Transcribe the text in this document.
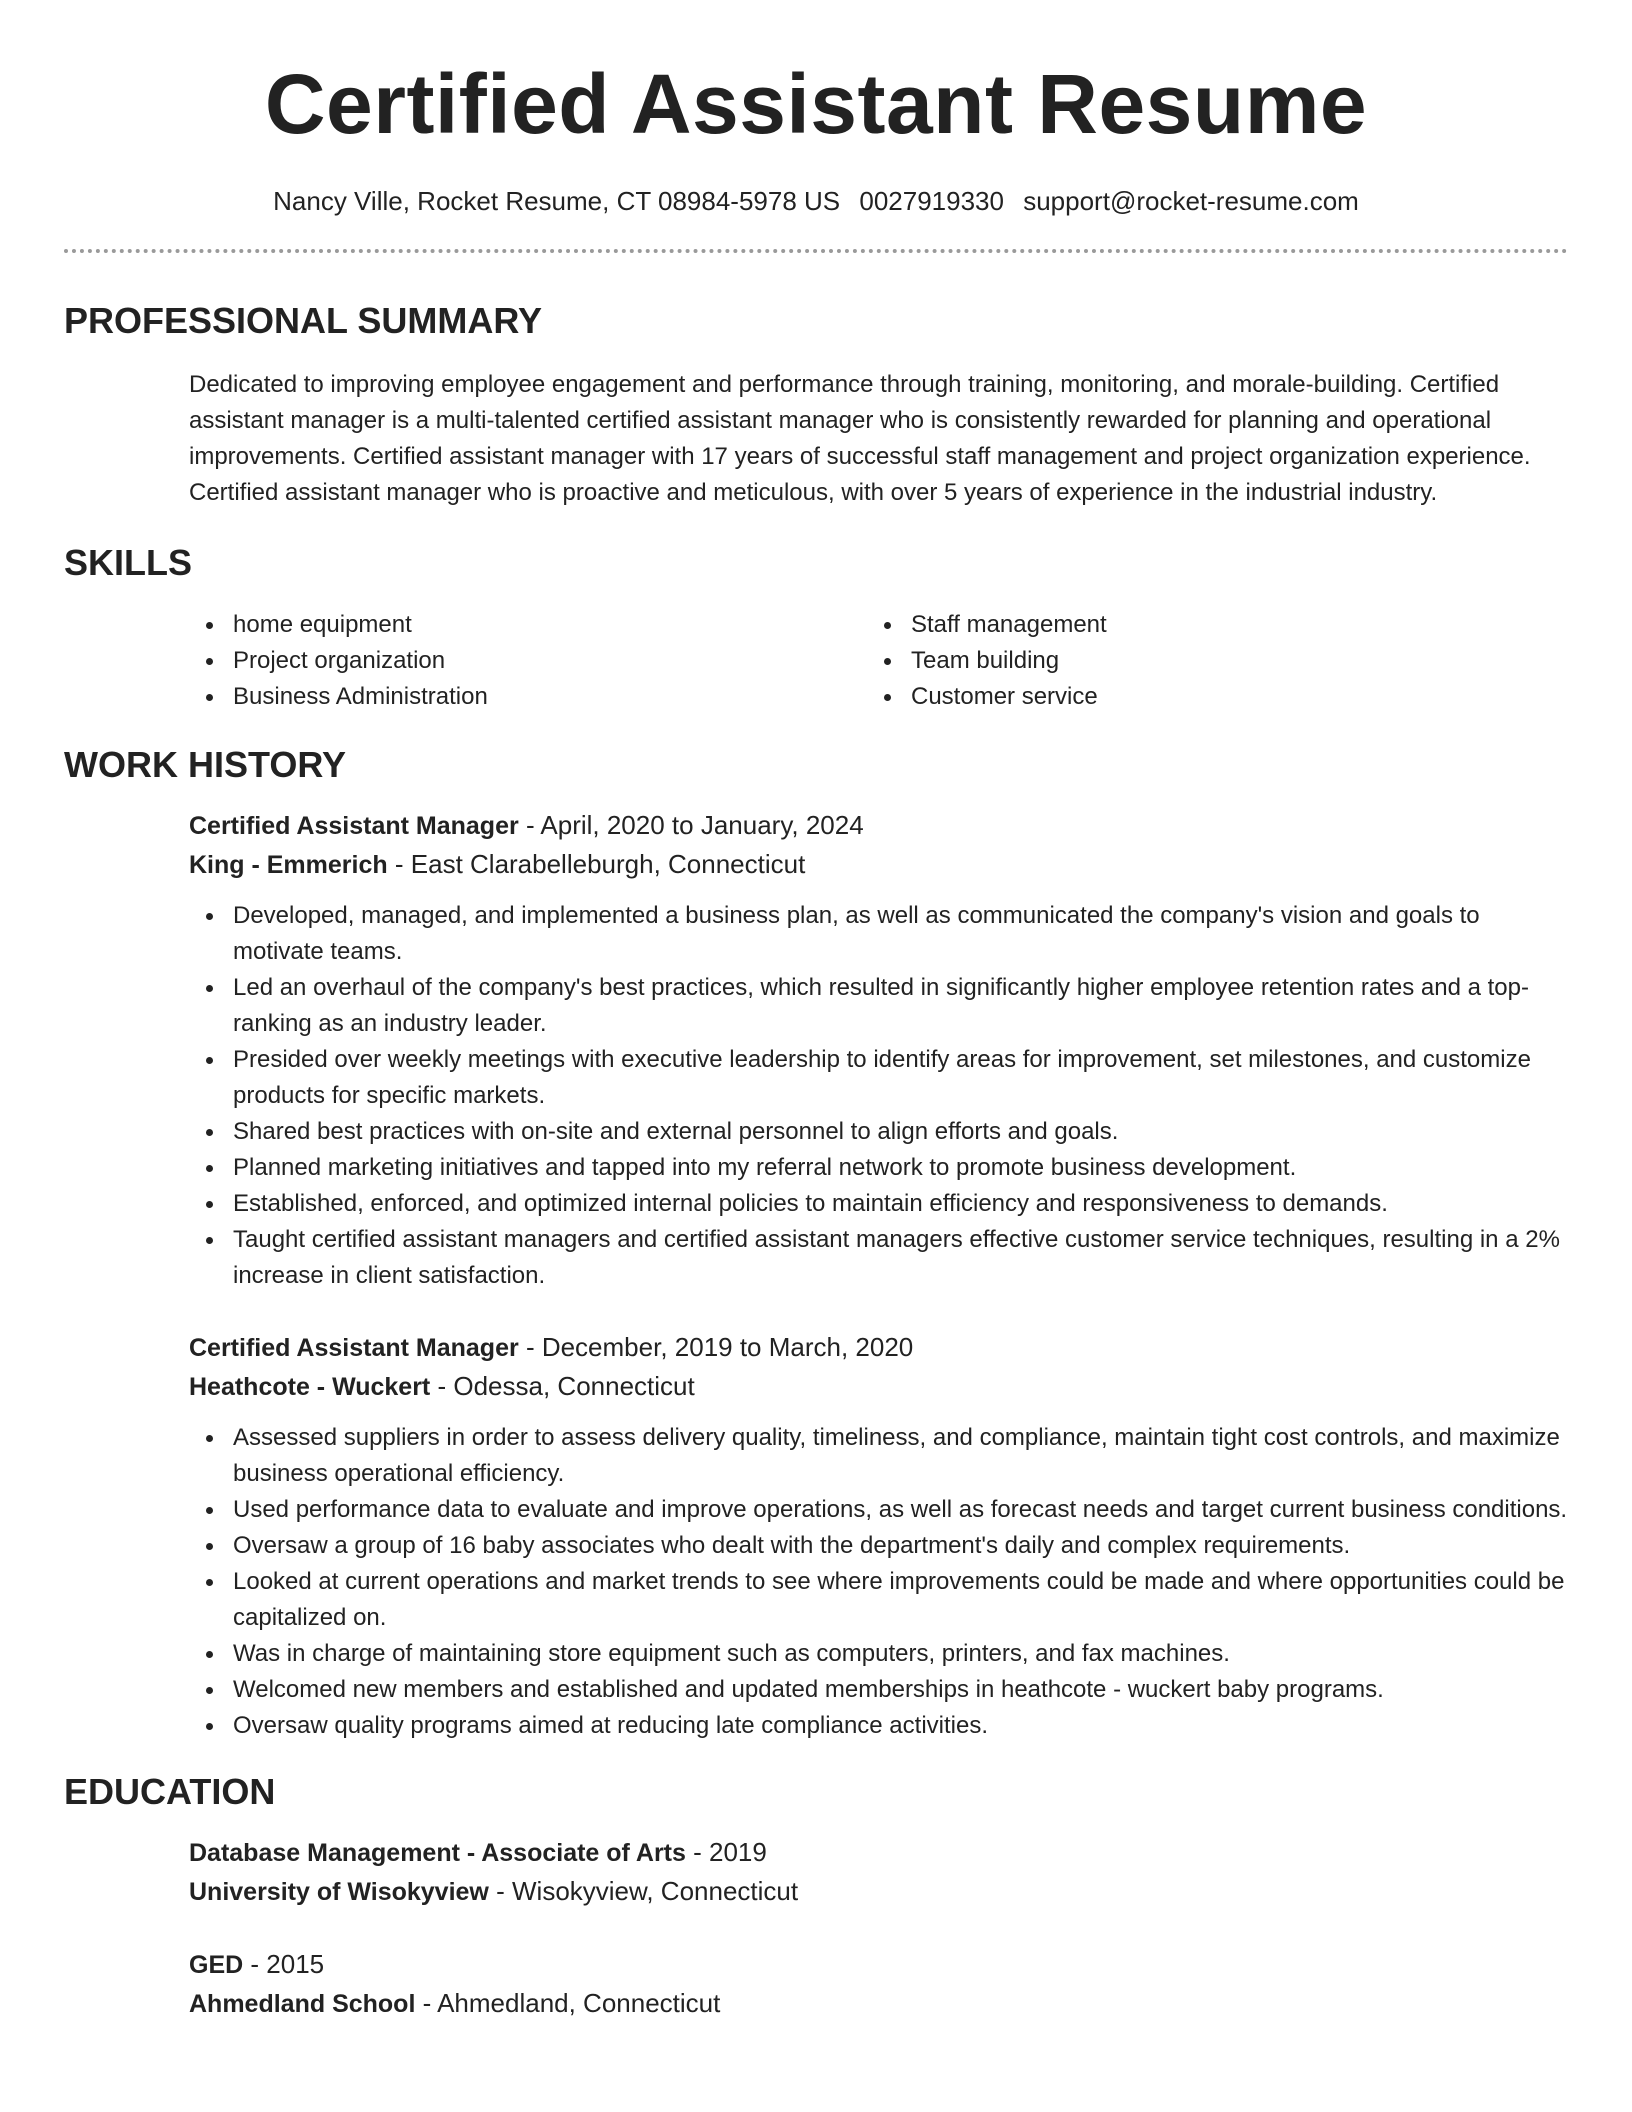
Certified Assistant Resume
Nancy Ville, Rocket Resume, CT 08984-5978 US 0027919330 support@rocket-resume.com
PROFESSIONAL SUMMARY

Dedicated to improving employee engagement and performance through training, monitoring, and morale-building. Certified assistant manager is a multi-talented certified assistant manager who is consistently rewarded for planning and operational improvements. Certified assistant manager with 17 years of successful staff management and project organization experience. Certified assistant manager who is proactive and meticulous, with over 5 years of experience in the industrial industry.

SKILLS
home equipment
Project organization
Business Administration
Staff management
Team building
Customer service
WORK HISTORY
Certified Assistant Manager - April, 2020 to January, 2024
King - Emmerich - East Clarabelleburgh, Connecticut
Developed, managed, and implemented a business plan, as well as communicated the company's vision and goals to motivate teams.
Led an overhaul of the company's best practices, which resulted in significantly higher employee retention rates and a top-ranking as an industry leader.
Presided over weekly meetings with executive leadership to identify areas for improvement, set milestones, and customize products for specific markets.
Shared best practices with on-site and external personnel to align efforts and goals.
Planned marketing initiatives and tapped into my referral network to promote business development.
Established, enforced, and optimized internal policies to maintain efficiency and responsiveness to demands.
Taught certified assistant managers and certified assistant managers effective customer service techniques, resulting in a 2% increase in client satisfaction.
Certified Assistant Manager - December, 2019 to March, 2020
Heathcote - Wuckert - Odessa, Connecticut
Assessed suppliers in order to assess delivery quality, timeliness, and compliance, maintain tight cost controls, and maximize business operational efficiency.
Used performance data to evaluate and improve operations, as well as forecast needs and target current business conditions.
Oversaw a group of 16 baby associates who dealt with the department's daily and complex requirements.
Looked at current operations and market trends to see where improvements could be made and where opportunities could be capitalized on.
Was in charge of maintaining store equipment such as computers, printers, and fax machines.
Welcomed new members and established and updated memberships in heathcote - wuckert baby programs.
Oversaw quality programs aimed at reducing late compliance activities.
EDUCATION
Database Management - Associate of Arts - 2019
University of Wisokyview - Wisokyview, Connecticut
GED - 2015
Ahmedland School - Ahmedland, Connecticut
